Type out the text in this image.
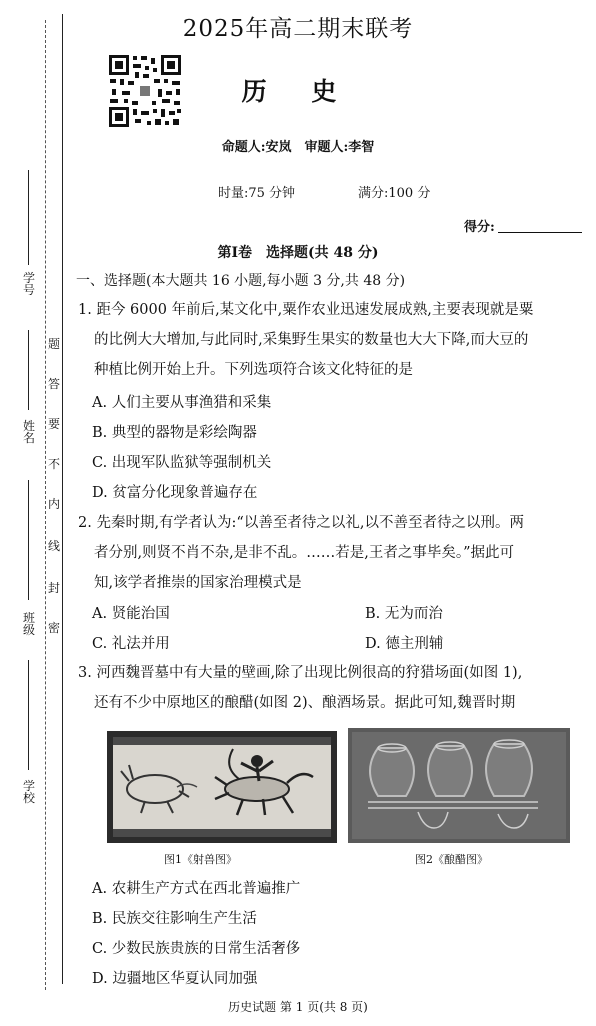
学　号
姓　名
班　级
学　校
题
答
要
不
内
线
封
密
2025年高二期末联考
历 史
命题人:安岚　审题人:李智
时量:75 分钟	满分:100 分
得分:
第Ⅰ卷　选择题(共 48 分)
一、选择题(本大题共 16 小题,每小题 3 分,共 48 分)
1. 距今 6000 年前后,某文化中,粟作农业迅速发展成熟,主要表现就是粟
的比例大大增加,与此同时,采集野生果实的数量也大大下降,而大豆的
种植比例开始上升。下列选项符合该文化特征的是
A. 人们主要从事渔猎和采集
B. 典型的器物是彩绘陶器
C. 出现军队监狱等强制机关
D. 贫富分化现象普遍存在
2. 先秦时期,有学者认为:“以善至者待之以礼,以不善至者待之以刑。两
者分别,则贤不肖不杂,是非不乱。……若是,王者之事毕矣。”据此可
知,该学者推崇的国家治理模式是
A. 贤能治国	B. 无为而治
C. 礼法并用	D. 德主刑辅
3. 河西魏晋墓中有大量的壁画,除了出现比例很高的狩猎场面(如图 1),
还有不少中原地区的酿醋(如图 2)、酿酒场景。据此可知,魏晋时期
图1《射兽图》	图2《酿醋图》
A. 农耕生产方式在西北普遍推广
B. 民族交往影响生产生活
C. 少数民族贵族的日常生活奢侈
D. 边疆地区华夏认同加强
历史试题 第 1 页(共 8 页)
